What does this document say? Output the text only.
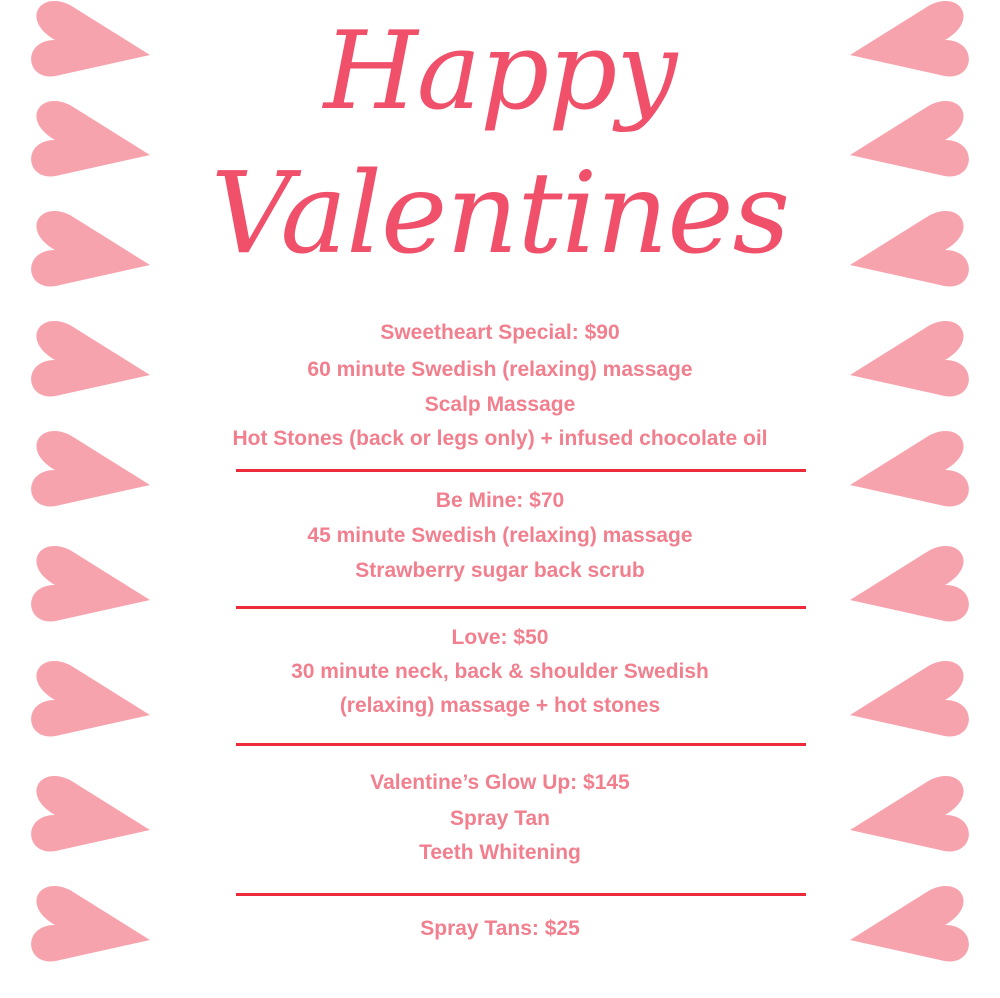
Happy
Valentines
Sweetheart Special: $90
60 minute Swedish (relaxing) massage
Scalp Massage
Hot Stones (back or legs only) + infused chocolate oil
Be Mine: $70
45 minute Swedish (relaxing) massage
Strawberry sugar back scrub
Love: $50
30 minute neck, back & shoulder Swedish
(relaxing) massage + hot stones
Valentine’s Glow Up: $145
Spray Tan
Teeth Whitening
Spray Tans: $25
